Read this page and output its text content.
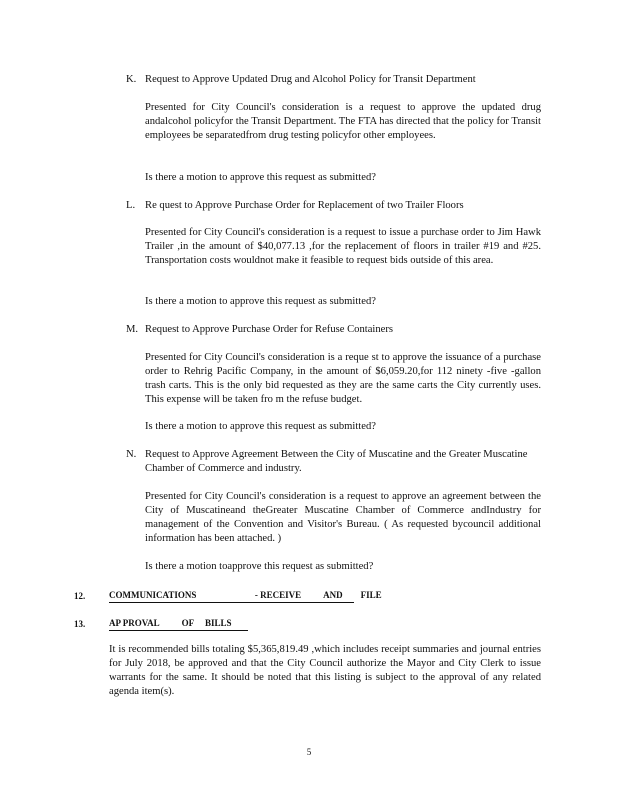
K. Request to Approve Updated Drug and Alcohol Policy for Transit Department
Presented for City Council's consideration is a request to approve the updated drug andalcohol policyfor the Transit Department. The FTA has directed that the policy for Transit employees be separatedfrom drug testing policyfor other employees.
Is there a motion to approve this request as submitted?
L. Re quest to Approve Purchase Order for Replacement of two Trailer Floors
Presented for City Council's consideration is a request to issue a purchase order to Jim Hawk Trailer ,in the amount of $40,077.13 ,for the replacement of floors in trailer #19 and #25. Transportation costs wouldnot make it feasible to request bids outside of this area.
Is there a motion to approve this request as submitted?
M. Request to Approve Purchase Order for Refuse Containers
Presented for City Council's consideration is a reque st to approve the issuance of a purchase order to Rehrig Pacific Company, in the amount of $6,059.20,for 112 ninety -five -gallon trash carts. This is the only bid requested as they are the same carts the City currently uses. This expense will be taken fro m the refuse budget.
Is there a motion to approve this request as submitted?
N. Request to Approve Agreement Between the City of Muscatine and the Greater Muscatine Chamber of Commerce and industry.
Presented for City Council's consideration is a request to approve an agreement between the City of Muscatineand theGreater Muscatine Chamber of Commerce andIndustry for management of the Convention and Visitor's Bureau. ( As requested bycouncil additional information has been attached. )
Is there a motion toapprove this request as submitted?
12.	COMMUNICATIONS                          - RECEIVE          AND        FILE
13.	AP PROVAL          OF     BILLS
It is recommended bills totaling $5,365,819.49 ,which includes receipt summaries and journal entries for July 2018, be approved and that the City Council authorize the Mayor and City Clerk to issue warrants for the same. It should be noted that this listing is subject to the approval of any related agenda item(s).
5
